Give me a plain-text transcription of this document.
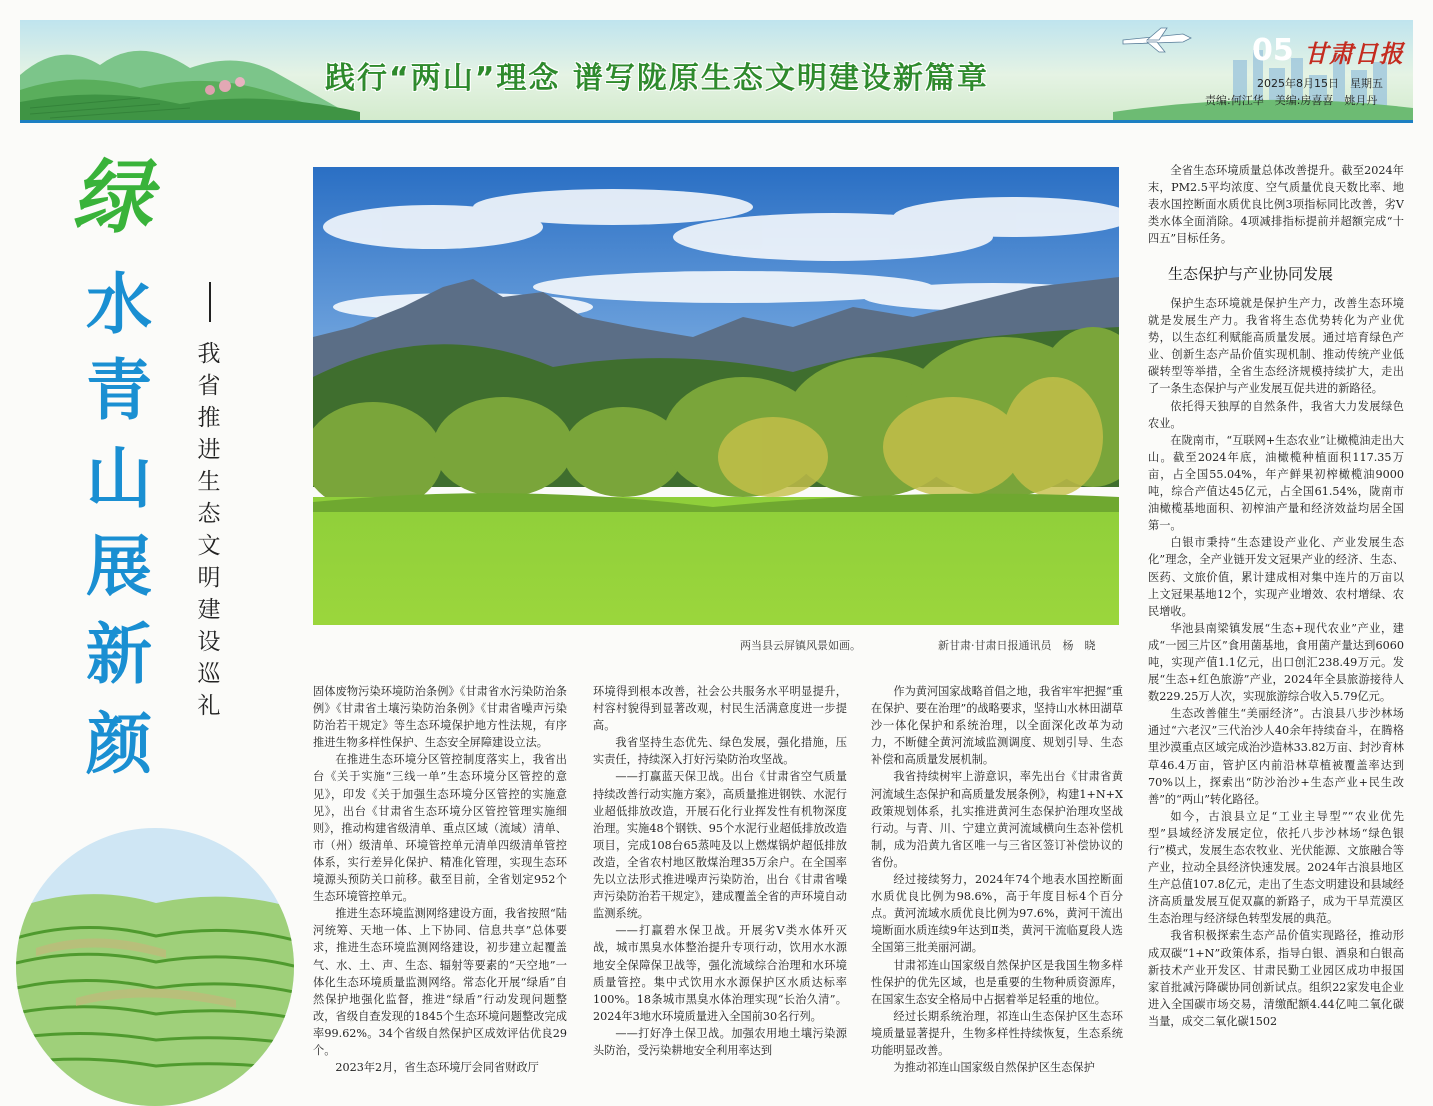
践行“两山”理念 谱写陇原生态文明建设新篇章
05 甘肃日报
2025年8月15日　星期五
责编:何江华　美编:房喜喜　姚月丹
绿
水
青
山
展
新
颜
我
省
推
进
生
态
文
明
建
设
巡
礼
两当县云屏镇风景如画。	新甘肃·甘肃日报通讯员　杨　晓

固体废物污染环境防治条例》《甘肃省水污染防治条例》《甘肃省土壤污染防治条例》《甘肃省噪声污染防治若干规定》等生态环境保护地方性法规，有序推进生物多样性保护、生态安全屏障建设立法。

在推进生态环境分区管控制度落实上，我省出台《关于实施“三线一单”生态环境分区管控的意见》，印发《关于加强生态环境分区管控的实施意见》，出台《甘肃省生态环境分区管控管理实施细则》，推动构建省级清单、重点区域（流域）清单、市（州）级清单、环境管控单元清单四级清单管控体系，实行差异化保护、精准化管理，实现生态环境源头预防关口前移。截至目前，全省划定952个生态环境管控单元。

推进生态环境监测网络建设方面，我省按照“陆河统筹、天地一体、上下协同、信息共享”总体要求，推进生态环境监测网络建设，初步建立起覆盖气、水、土、声、生态、辐射等要素的“天空地”一体化生态环境质量监测网络。常态化开展“绿盾”自然保护地强化监督，推进“绿盾”行动发现问题整改，省级自查发现的1845个生态环境问题整改完成率99.62%。34个省级自然保护区成效评估优良29个。

2023年2月，省生态环境厅会同省财政厅

环境得到根本改善，社会公共服务水平明显提升，村容村貌得到显著改观，村民生活满意度进一步提高。

我省坚持生态优先、绿色发展，强化措施，压实责任，持续深入打好污染防治攻坚战。

——打赢蓝天保卫战。出台《甘肃省空气质量持续改善行动实施方案》，高质量推进钢铁、水泥行业超低排放改造，开展石化行业挥发性有机物深度治理。实施48个钢铁、95个水泥行业超低排放改造项目，完成108台65蒸吨及以上燃煤锅炉超低排放改造，全省农村地区散煤治理35万余户。在全国率先以立法形式推进噪声污染防治，出台《甘肃省噪声污染防治若干规定》，建成覆盖全省的声环境自动监测系统。

——打赢碧水保卫战。开展劣Ⅴ类水体歼灭战，城市黑臭水体整治提升专项行动，饮用水水源地安全保障保卫战等，强化流域综合治理和水环境质量管控。集中式饮用水水源保护区水质达标率100%。18条城市黑臭水体治理实现“长治久清”。2024年3地水环境质量进入全国前30名行列。

——打好净土保卫战。加强农用地土壤污染源头防治，受污染耕地安全利用率达到

作为黄河国家战略首倡之地，我省牢牢把握“重在保护、要在治理”的战略要求，坚持山水林田湖草沙一体化保护和系统治理，以全面深化改革为动力，不断健全黄河流域监测调度、规划引导、生态补偿和高质量发展机制。

我省持续树牢上游意识，率先出台《甘肃省黄河流域生态保护和高质量发展条例》，构建1+N+X政策规划体系，扎实推进黄河生态保护治理攻坚战行动。与青、川、宁建立黄河流域横向生态补偿机制，成为沿黄九省区唯一与三省区签订补偿协议的省份。

经过接续努力，2024年74个地表水国控断面水质优良比例为98.6%，高于年度目标4个百分点。黄河流域水质优良比例为97.6%，黄河干流出境断面水质连续9年达到Ⅱ类，黄河干流临夏段人选全国第三批美丽河湖。

甘肃祁连山国家级自然保护区是我国生物多样性保护的优先区域，也是重要的生物种质资源库，在国家生态安全格局中占据着举足轻重的地位。

经过长期系统治理，祁连山生态保护区生态环境质量显著提升，生物多样性持续恢复，生态系统功能明显改善。

为推动祁连山国家级自然保护区生态保护

全省生态环境质量总体改善提升。截至2024年末，PM2.5平均浓度、空气质量优良天数比率、地表水国控断面水质优良比例3项指标同比改善，劣Ⅴ类水体全面消除。4项减排指标提前并超额完成“十四五”目标任务。

生态保护与产业协同发展

保护生态环境就是保护生产力，改善生态环境就是发展生产力。我省将生态优势转化为产业优势，以生态红利赋能高质量发展。通过培育绿色产业、创新生态产品价值实现机制、推动传统产业低碳转型等举措，全省生态经济规模持续扩大，走出了一条生态保护与产业发展互促共进的新路径。

依托得天独厚的自然条件，我省大力发展绿色农业。

在陇南市，“互联网+生态农业”让橄榄油走出大山。截至2024年底，油橄榄种植面积117.35万亩，占全国55.04%，年产鲜果初榨橄榄油9000吨，综合产值达45亿元，占全国61.54%，陇南市油橄榄基地面积、初榨油产量和经济效益均居全国第一。

白银市秉持“生态建设产业化、产业发展生态化”理念，全产业链开发文冠果产业的经济、生态、医药、文旅价值，累计建成相对集中连片的万亩以上文冠果基地12个，实现产业增效、农村增绿、农民增收。

华池县南梁镇发展“生态+现代农业”产业，建成“一园三片区”食用菌基地，食用菌产量达到6060吨，实现产值1.1亿元，出口创汇238.49万元。发展“生态+红色旅游”产业，2024年全县旅游接待人数229.25万人次，实现旅游综合收入5.79亿元。

生态改善催生“美丽经济”。古浪县八步沙林场通过“六老汉”三代治沙人40余年持续奋斗，在腾格里沙漠重点区域完成治沙造林33.82万亩、封沙育林草46.4万亩，管护区内前沿林草植被覆盖率达到70%以上，探索出“防沙治沙+生态产业+民生改善”的“两山”转化路径。

如今，古浪县立足“工业主导型”“农业优先型”县域经济发展定位，依托八步沙林场“绿色银行”模式，发展生态农牧业、光伏能源、文旅融合等产业，拉动全县经济快速发展。2024年古浪县地区生产总值107.8亿元，走出了生态文明建设和县域经济高质量发展互促双赢的新路子，成为干旱荒漠区生态治理与经济绿色转型发展的典范。

我省积极探索生态产品价值实现路径，推动形成双碳“1+N”政策体系，指导白银、酒泉和白银高新技术产业开发区、甘肃民勤工业园区成功申报国家首批减污降碳协同创新试点。组织22家发电企业进入全国碳市场交易，清缴配额4.44亿吨二氧化碳当量，成交二氧化碳1502
